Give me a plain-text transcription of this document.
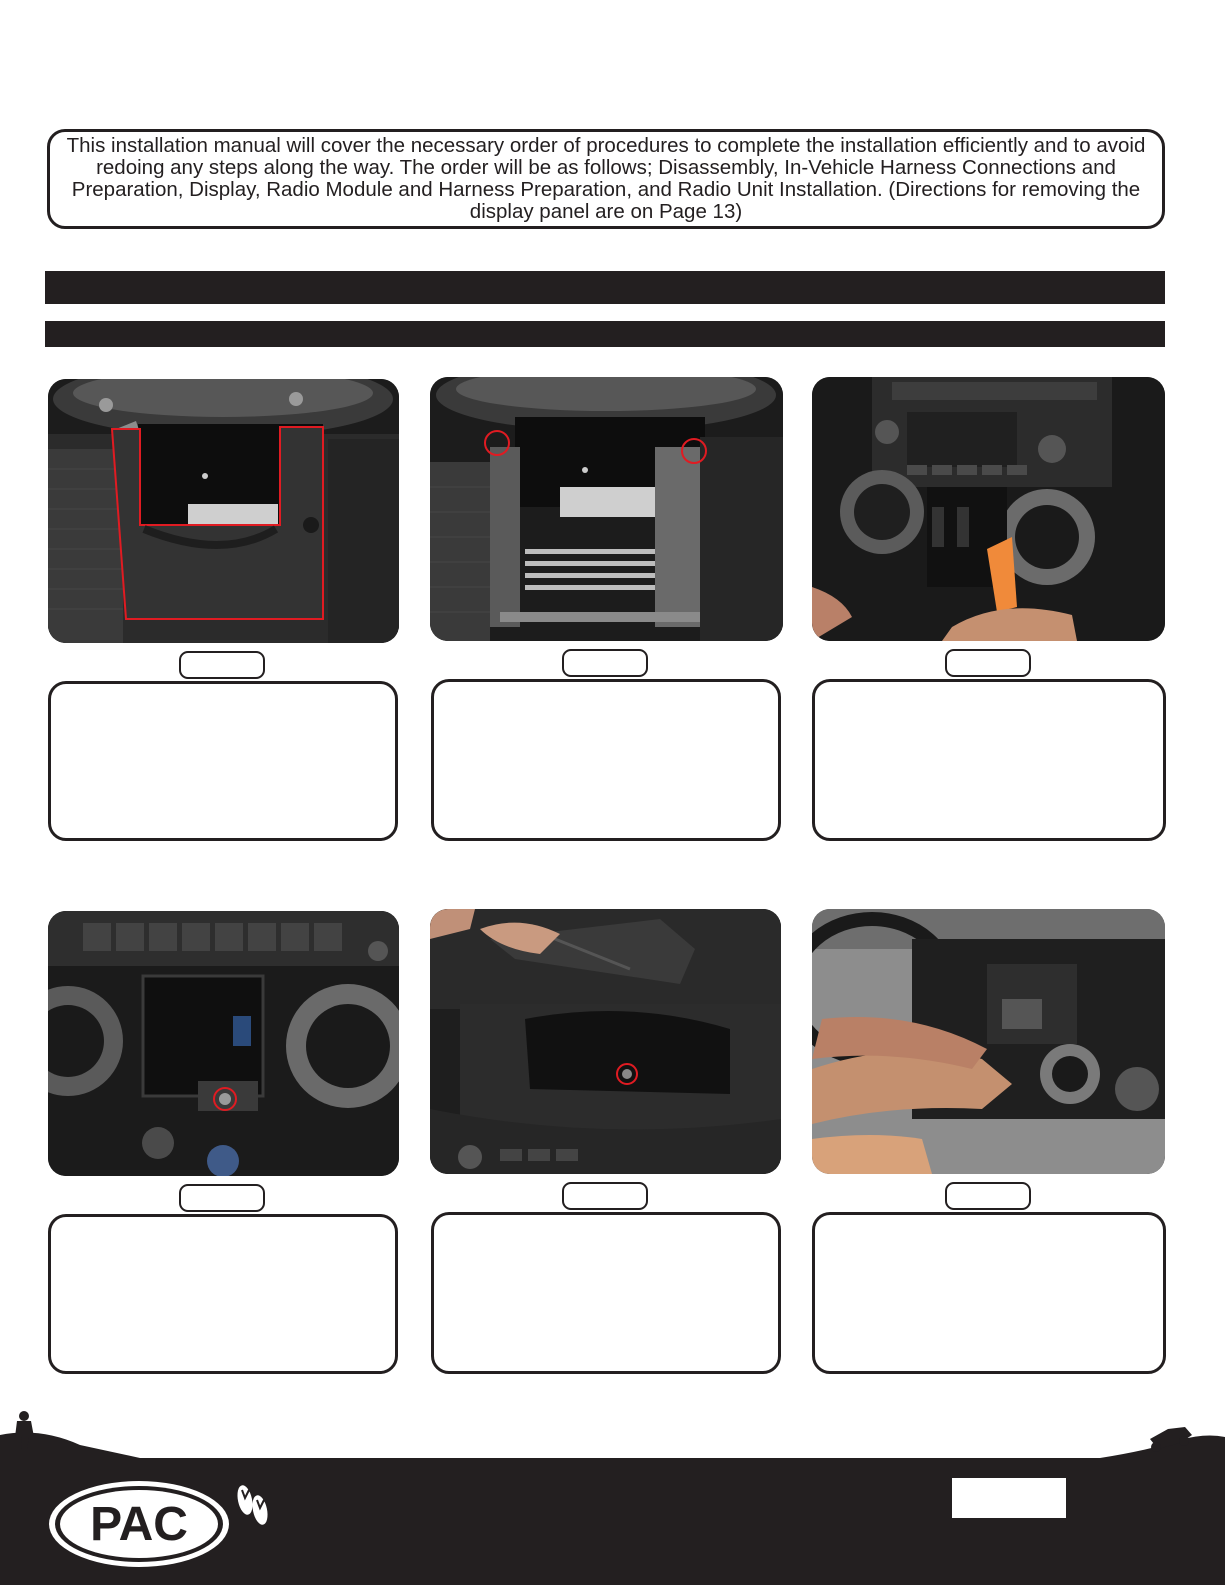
This installation manual will cover the necessary order of procedures to complete the installation efficiently and to avoid redoing any steps along the way. The order will be as follows; Disassembly, In-Vehicle Harness Connections and Preparation, Display, Radio Module and Harness Preparation, and Radio Unit Installation. (Directions for removing the display panel are on Page 13)

PAC
